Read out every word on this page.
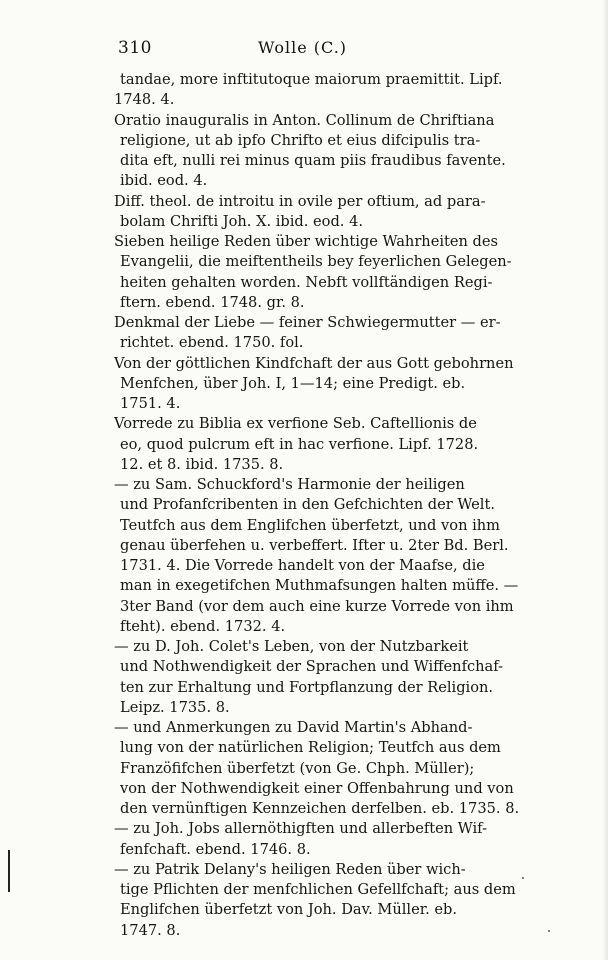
310	Wolle (C.)
tandae, more inftitutoque maiorum praemittit. Lipf.
1748. 4.
Oratio inauguralis in Anton. Collinum de Chriftiana
religione, ut ab ipfo Chrifto et eius difcipulis tra-
dita eft, nulli rei minus quam piis fraudibus favente.
ibid. eod. 4.
Diff. theol. de introitu in ovile per oftium, ad para-
bolam Chrifti Joh. X. ibid. eod. 4.
Sieben heilige Reden über wichtige Wahrheiten des
Evangelii, die meiftentheils bey feyerlichen Gelegen-
heiten gehalten worden. Nebft vollftändigen Regi-
ftern. ebend. 1748. gr. 8.
Denkmal der Liebe — feiner Schwiegermutter — er-
richtet. ebend. 1750. fol.
Von der göttlichen Kindfchaft der aus Gott gebohrnen
Menfchen, über Joh. I, 1—14; eine Predigt. eb.
1751. 4.
Vorrede zu Biblia ex verfione Seb. Caftellionis de
eo, quod pulcrum eft in hac verfione. Lipf. 1728.
12. et 8. ibid. 1735. 8.
— zu Sam. Schuckford's Harmonie der heiligen
und Profanfcribenten in den Gefchichten der Welt.
Teutfch aus dem Englifchen überfetzt, und von ihm
genau überfehen u. verbeffert. Ifter u. 2ter Bd. Berl.
1731. 4. Die Vorrede handelt von der Maafse, die
man in exegetifchen Muthmafsungen halten müffe. —
3ter Band (vor dem auch eine kurze Vorrede von ihm
fteht). ebend. 1732. 4.
— zu D. Joh. Colet's Leben, von der Nutzbarkeit
und Nothwendigkeit der Sprachen und Wiffenfchaf-
ten zur Erhaltung und Fortpflanzung der Religion.
Leipz. 1735. 8.
— und Anmerkungen zu David Martin's Abhand-
lung von der natürlichen Religion; Teutfch aus dem
Franzöfifchen überfetzt (von Ge. Chph. Müller);
von der Nothwendigkeit einer Offenbahrung und von
den vernünftigen Kennzeichen derfelben. eb. 1735. 8.
— zu Joh. Jobs allernöthigften und allerbeften Wif-
fenfchaft. ebend. 1746. 8.
— zu Patrik Delany's heiligen Reden über wich-
tige Pflichten der menfchlichen Gefellfchaft; aus dem
Englifchen überfetzt von Joh. Dav. Müller. eb.
1747. 8.
